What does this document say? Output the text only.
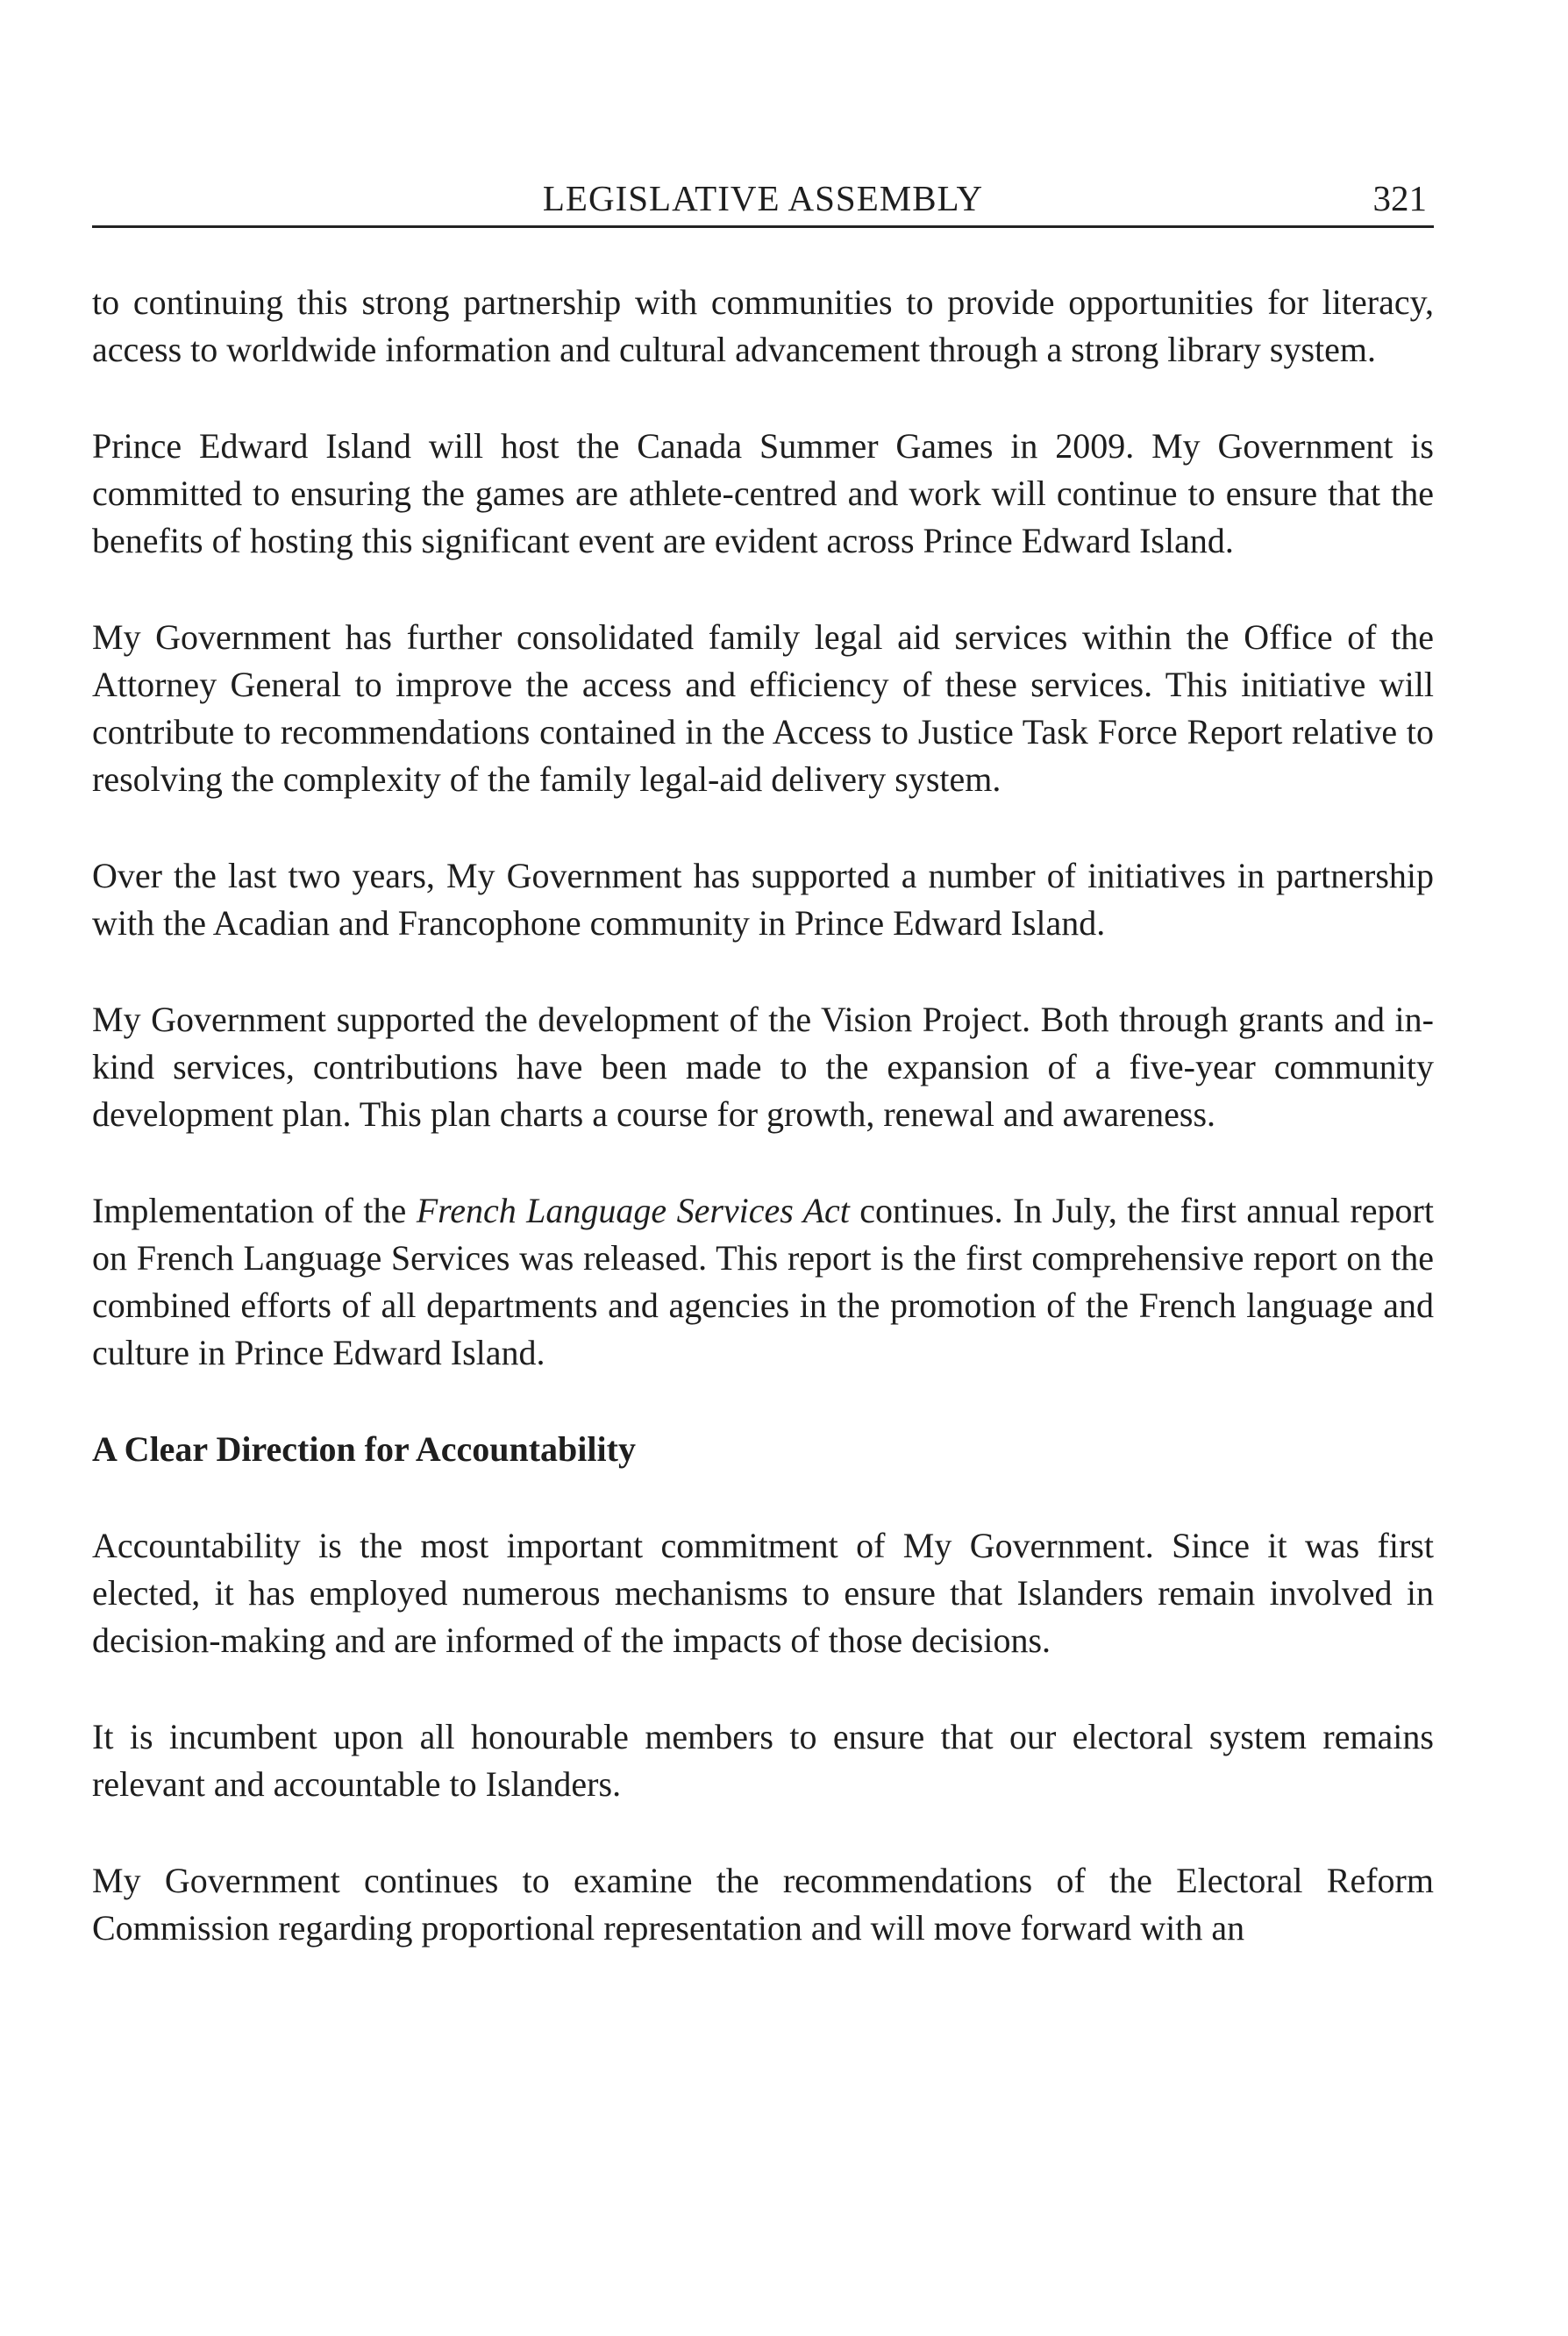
LEGISLATIVE ASSEMBLY	321

to continuing this strong partnership with communities to provide opportunities for literacy, access to worldwide information and cultural advancement through a strong library system.

Prince Edward Island will host the Canada Summer Games in 2009. My Government is committed to ensuring the games are athlete-centred and work will continue to ensure that the benefits of hosting this significant event are evident across Prince Edward Island.

My Government has further consolidated family legal aid services within the Office of the Attorney General to improve the access and efficiency of these services. This initiative will contribute to recommendations contained in the Access to Justice Task Force Report relative to resolving the complexity of the family legal-aid delivery system.

Over the last two years, My Government has supported a number of initiatives in partnership with the Acadian and Francophone community in Prince Edward Island.

My Government supported the development of the Vision Project. Both through grants and in-kind services, contributions have been made to the expansion of a five-year community development plan. This plan charts a course for growth, renewal and awareness.

Implementation of the French Language Services Act continues. In July, the first annual report on French Language Services was released. This report is the first comprehensive report on the combined efforts of all departments and agencies in the promotion of the French language and culture in Prince Edward Island.

A Clear Direction for Accountability

Accountability is the most important commitment of My Government. Since it was first elected, it has employed numerous mechanisms to ensure that Islanders remain involved in decision-making and are informed of the impacts of those decisions.

It is incumbent upon all honourable members to ensure that our electoral system remains relevant and accountable to Islanders.

My Government continues to examine the recommendations of the Electoral Reform Commission regarding proportional representation and will move forward with an
